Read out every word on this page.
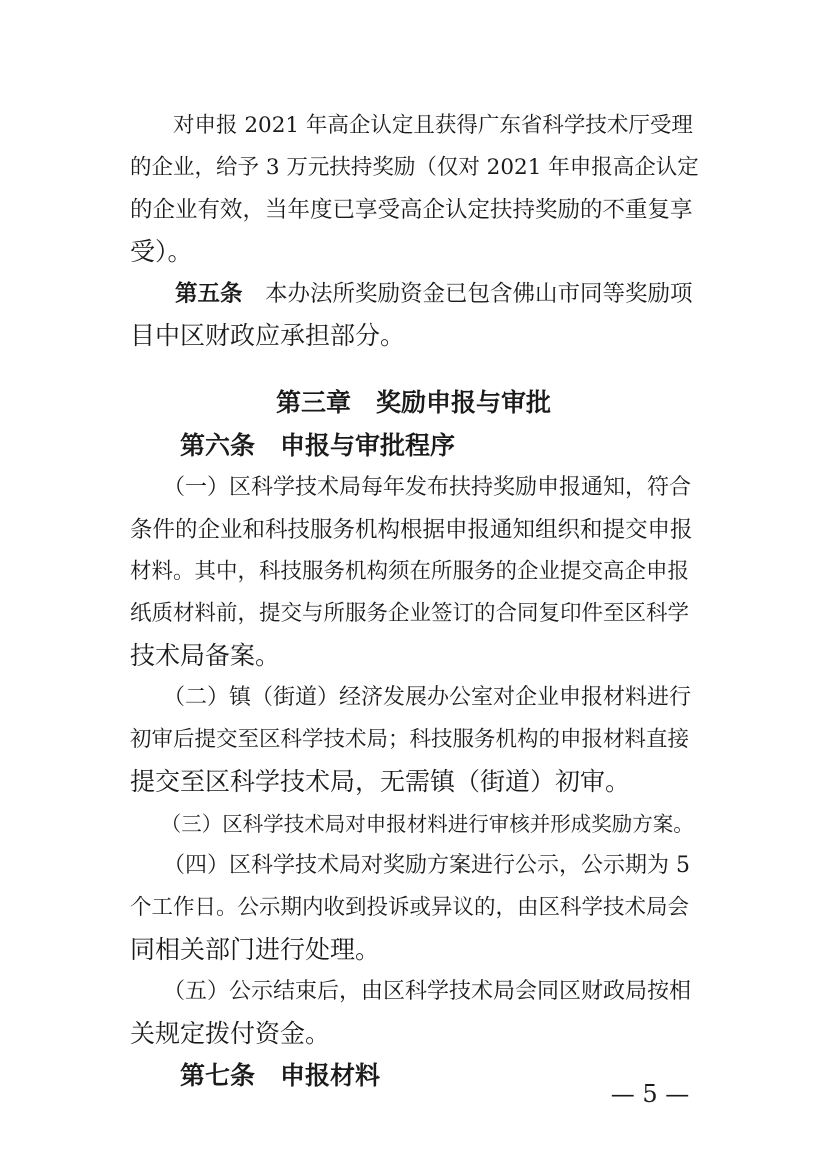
　　对申报 2021 年高企认定且获得广东省科学技术厅受理
的企业，给予 3 万元扶持奖励（仅对 2021 年申报高企认定
的企业有效，当年度已享受高企认定扶持奖励的不重复享
受）。
　　第五条　本办法所奖励资金已包含佛山市同等奖励项
目中区财政应承担部分。
第三章　奖励申报与审批
　　第六条　申报与审批程序
　　（一）区科学技术局每年发布扶持奖励申报通知，符合
条件的企业和科技服务机构根据申报通知组织和提交申报
材料。其中，科技服务机构须在所服务的企业提交高企申报
纸质材料前，提交与所服务企业签订的合同复印件至区科学
技术局备案。
　　（二）镇（街道）经济发展办公室对企业申报材料进行
初审后提交至区科学技术局；科技服务机构的申报材料直接
提交至区科学技术局，无需镇（街道）初审。
　　（三）区科学技术局对申报材料进行审核并形成奖励方案。
　　（四）区科学技术局对奖励方案进行公示，公示期为 5
个工作日。公示期内收到投诉或异议的，由区科学技术局会
同相关部门进行处理。
　　（五）公示结束后，由区科学技术局会同区财政局按相
关规定拨付资金。
　　第七条　申报材料
— 5 —
